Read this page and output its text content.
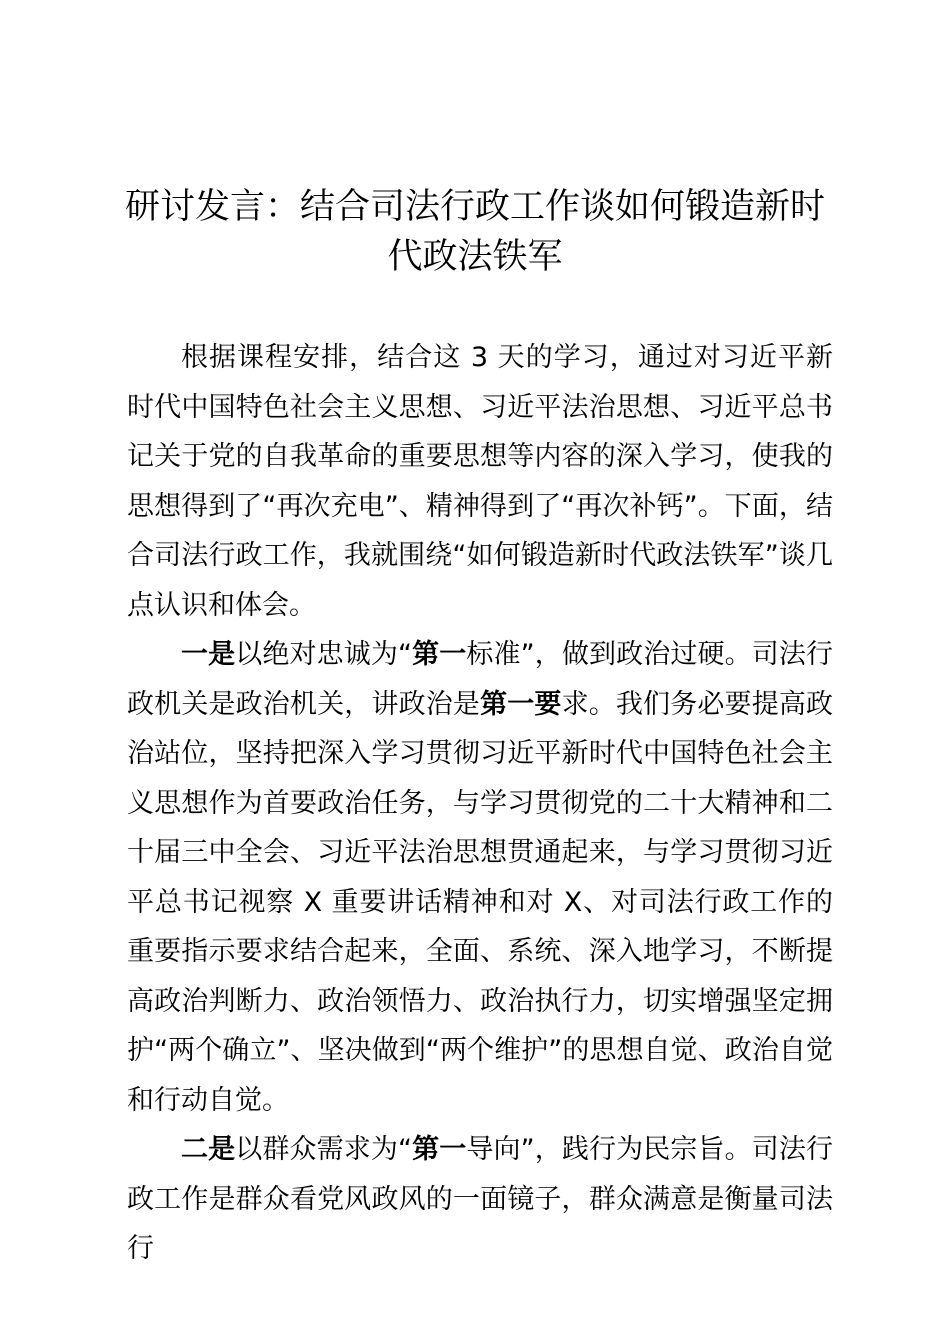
研讨发言：结合司法行政工作谈如何锻造新时代政法铁军

根据课程安排，结合这 3 天的学习，通过对习近平新时代中国特色社会主义思想、习近平法治思想、习近平总书记关于党的自我革命的重要思想等内容的深入学习，使我的思想得到了“再次充电”、精神得到了“再次补钙”。下面，结合司法行政工作，我就围绕“如何锻造新时代政法铁军”谈几点认识和体会。

一是以绝对忠诚为“第一标准”，做到政治过硬。司法行政机关是政治机关，讲政治是第一要求。我们务必要提高政治站位，坚持把深入学习贯彻习近平新时代中国特色社会主义思想作为首要政治任务，与学习贯彻党的二十大精神和二十届三中全会、习近平法治思想贯通起来，与学习贯彻习近平总书记视察 X 重要讲话精神和对 X、对司法行政工作的重要指示要求结合起来，全面、系统、深入地学习，不断提高政治判断力、政治领悟力、政治执行力，切实增强坚定拥护“两个确立”、坚决做到“两个维护”的思想自觉、政治自觉和行动自觉。

二是以群众需求为“第一导向”，践行为民宗旨。司法行政工作是群众看党风政风的一面镜子，群众满意是衡量司法行
